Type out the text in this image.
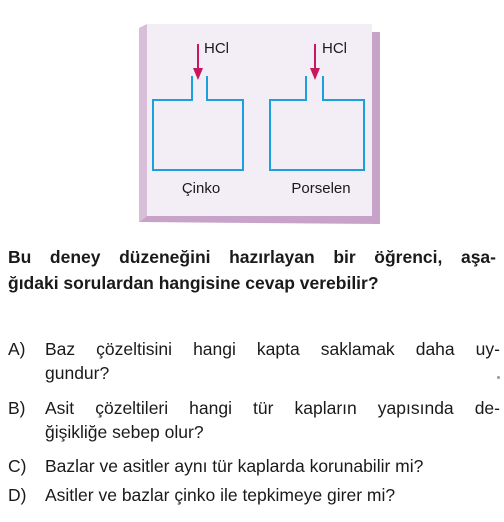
HCl	HCl
Çinko	Porselen
Bu deney düzeneğini hazırlayan bir öğrenci, aşa-
ğıdaki sorulardan hangisine cevap verebilir?
A) Baz çözeltisini hangi kapta saklamak daha uy-
gundur?
B) Asit çözeltileri hangi tür kapların yapısında de-
ğişikliğe sebep olur?
C) Bazlar ve asitler aynı tür kaplarda korunabilir mi?
D) Asitler ve bazlar çinko ile tepkimeye girer mi?
